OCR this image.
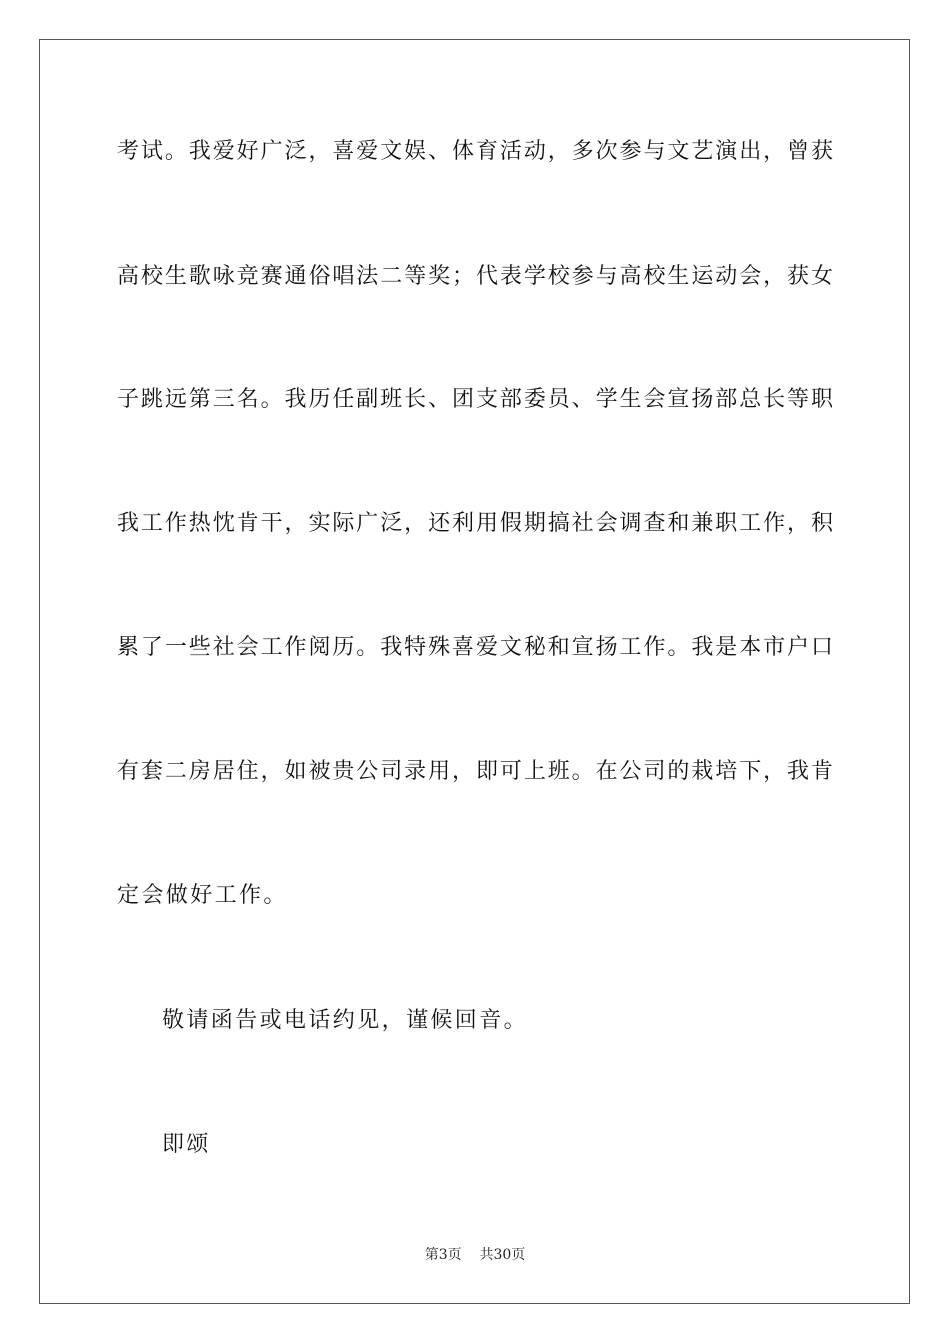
考试。我爱好广泛，喜爱文娱、体育活动，多次参与文艺演出，曾获
高校生歌咏竞赛通俗唱法二等奖；代表学校参与高校生运动会，获女
子跳远第三名。我历任副班长、团支部委员、学生会宣扬部总长等职
我工作热忱肯干，实际广泛，还利用假期搞社会调查和兼职工作，积
累了一些社会工作阅历。我特殊喜爱文秘和宣扬工作。我是本市户口
有套二房居住，如被贵公司录用，即可上班。在公司的栽培下，我肯
定会做好工作。
敬请函告或电话约见，谨候回音。
即颂
第3页 共30页
